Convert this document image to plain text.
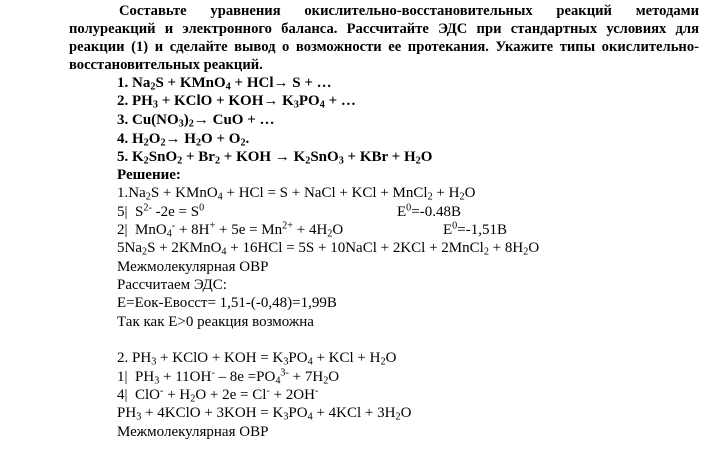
Составьте уравнения окислительно-восстановительных реакций методами полуреакций и электронного баланса. Рассчитайте ЭДС при стандартных условиях для реакции (1) и сделайте вывод о возможности ее протекания. Укажите типы окислительно-восстановительных реакций.

1. $Na_2S$ + KMnO$_4$ + HCl→ S + …
2. $PH_3$ + KClO + $KOH\to K_3PO_4$ + …
3. $Cu(NO_3)_2\to$ CuO + …
4. $H_2O_2\to H_2O + O_2$.
5. $K_2SnO_2 + Br_2$ + KOH → $K_2SnO_3$ + KBr + $H_2O$
Решение:
$1.Na_2S$ + KMnO$_4$ + HCl = S + NaCl + KCl + MnCl$_2$ + $H_2O$
5|  $S^{2-}$ $-2e = S^0$	$E^0=-0.48В$
2|  $MnO_4^- + 8H^+ + 5e = Mn^{2+} + 4H_2O$	$E^0=-1,51В$
$5Na_2S$ + 2KMnO$_4$ + 16HCl = 5S + 10NaCl + 2KCl + 2MnCl$_2$ + $8H_2O$
Межмолекулярная ОВР
Рассчитаем ЭДС:
E=Eок-Eвосст= 1,51-(-0,48)=1,99В
Так как E>0 реакция возможна
2. $PH_3$ + KClO + KOH = $K_3PO_4$ + KCl + $H_2O$
1|  $PH_3 + 11OH^- - 8e =PO_4^{3-} + 7H_2O$
4|  $ClO^- + H_2O + 2e = Cl^- + 2OH^-$
$PH_3$ + 4KClO + $3KOH = K_3PO_4 + 4KCl + 3H_2O$
Межмолекулярная ОВР
